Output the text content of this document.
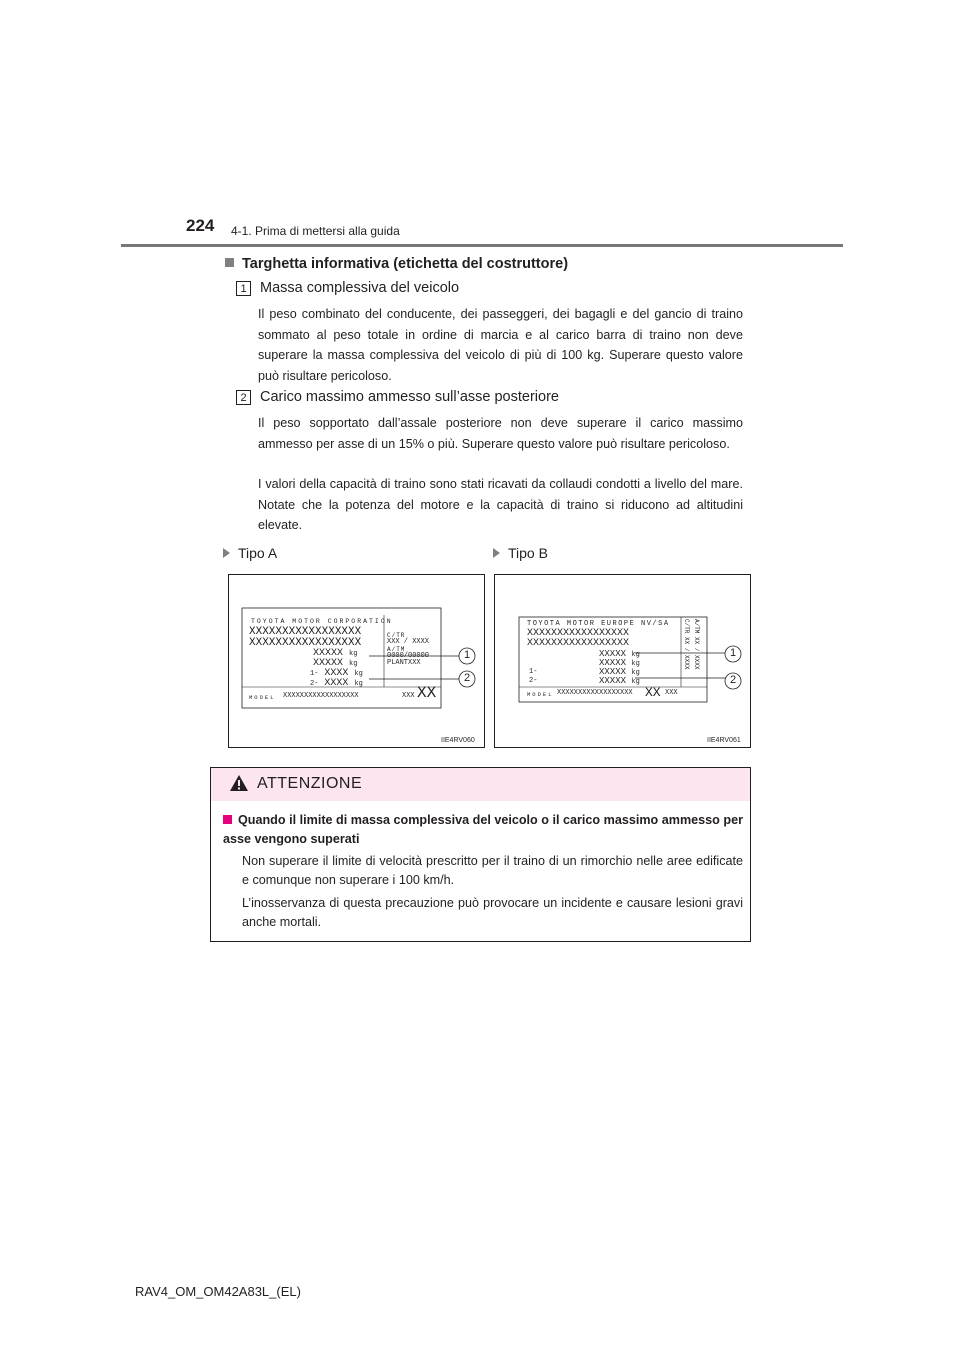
224 4-1. Prima di mettersi alla guida
Targhetta informativa (etichetta del costruttore)
1 Massa complessiva del veicolo
Il peso combinato del conducente, dei passeggeri, dei bagagli e del gancio di traino sommato al peso totale in ordine di marcia e al carico barra di traino non deve superare la massa complessiva del veicolo di più di 100 kg. Superare questo valore può risultare pericoloso.
2 Carico massimo ammesso sull’asse posteriore
Il peso sopportato dall’assale posteriore non deve superare il carico massimo ammesso per asse di un 15% o più. Superare questo valore può risultare pericoloso.
I valori della capacità di traino sono stati ricavati da collaudi condotti a livello del mare. Notate che la potenza del motore e la capacità di traino si riducono ad altitudini elevate.
Tipo A	Tipo B
TOYOTA MOTOR CORPORATION
XXXXXXXXXXXXXXXXX
XXXXXXXXXXXXXXXXX
C/TR
XXX / XXXX
A/TM
0000/00000
PLANTXXX
XXXXX kg
XXXXX kg
1- XXXX kg
2- XXXX kg
MODEL XXXXXXXXXXXXXXXXXX	XXX XX
1
2
IIE4RV060
TOYOTA MOTOR EUROPE NV/SA
XXXXXXXXXXXXXXXXX
XXXXXXXXXXXXXXXXX
C/TR XX / XXXX
A/TM XX / XXXX
XXXXX kg
XXXXX kg
1-	XXXXX kg
2-	XXXXX kg
MODEL XXXXXXXXXXXXXXXXXX XX XXX
1
2
IIE4RV061
ATTENZIONE
Quando il limite di massa complessiva del veicolo o il carico massimo ammesso per asse vengono superati
Non superare il limite di velocità prescritto per il traino di un rimorchio nelle aree edificate e comunque non superare i 100 km/h.
L’inosservanza di questa precauzione può provocare un incidente e causare lesioni gravi anche mortali.
RAV4_OM_OM42A83L_(EL)
